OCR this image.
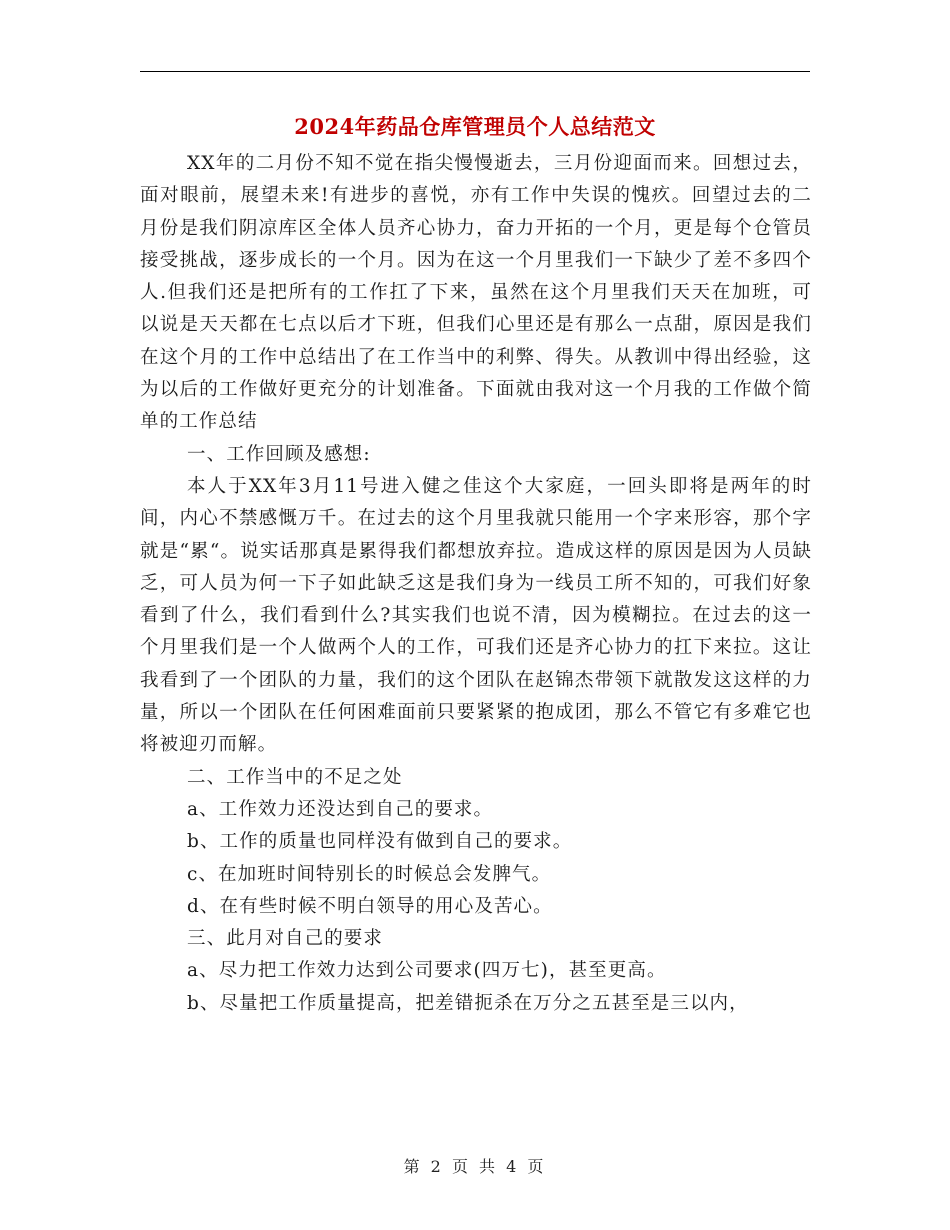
2024年药品仓库管理员个人总结范文

XX年的二月份不知不觉在指尖慢慢逝去，三月份迎面而来。回想过去，面对眼前，展望未来!有进步的喜悦，亦有工作中失误的愧疚。回望过去的二月份是我们阴凉库区全体人员齐心协力，奋力开拓的一个月，更是每个仓管员接受挑战，逐步成长的一个月。因为在这一个月里我们一下缺少了差不多四个人.但我们还是把所有的工作扛了下来，虽然在这个月里我们天天在加班，可以说是天天都在七点以后才下班，但我们心里还是有那么一点甜，原因是我们在这个月的工作中总结出了在工作当中的利弊、得失。从教训中得出经验，这为以后的工作做好更充分的计划准备。下面就由我对这一个月我的工作做个简单的工作总结

一、工作回顾及感想:

本人于XX年3月11号进入健之佳这个大家庭，一回头即将是两年的时间，内心不禁感慨万千。在过去的这个月里我就只能用一个字来形容，那个字就是“累“。说实话那真是累得我们都想放弃拉。造成这样的原因是因为人员缺乏，可人员为何一下子如此缺乏这是我们身为一线员工所不知的，可我们好象看到了什么，我们看到什么?其实我们也说不清，因为模糊拉。在过去的这一个月里我们是一个人做两个人的工作，可我们还是齐心协力的扛下来拉。这让我看到了一个团队的力量，我们的这个团队在赵锦杰带领下就散发这这样的力量，所以一个团队在任何困难面前只要紧紧的抱成团，那么不管它有多难它也将被迎刃而解。

二、工作当中的不足之处

a、工作效力还没达到自己的要求。

b、工作的质量也同样没有做到自己的要求。

c、在加班时间特别长的时候总会发脾气。

d、在有些时候不明白领导的用心及苦心。

三、此月对自己的要求

a、尽力把工作效力达到公司要求(四万七)，甚至更高。

b、尽量把工作质量提高，把差错扼杀在万分之五甚至是三以内，

第 2 页 共 4 页
